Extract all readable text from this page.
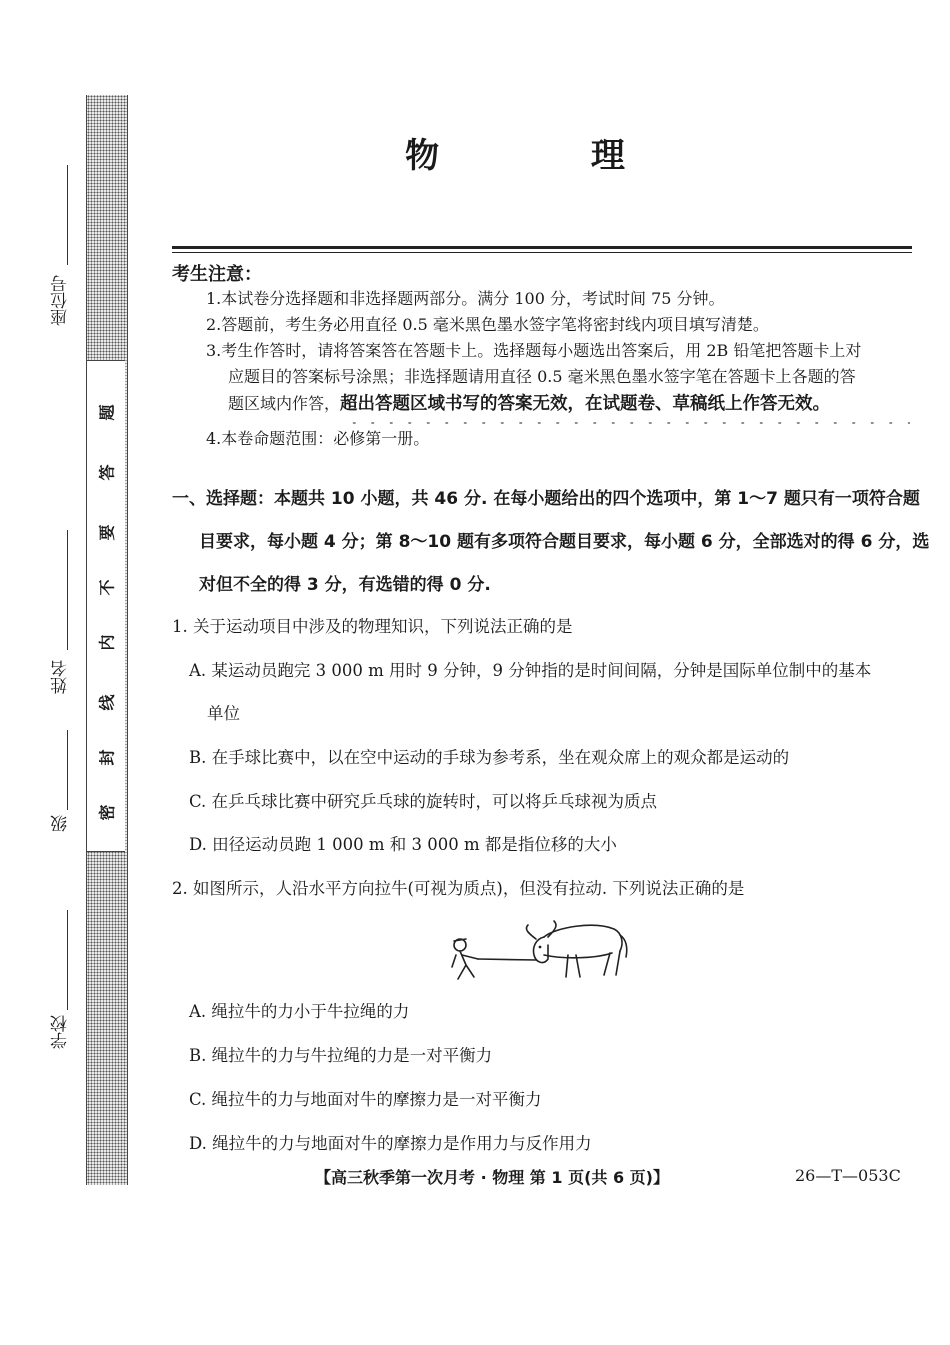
座位号
姓名
级
学校
题
答
要
不
内
线
封
密
物 理
考生注意：
1.本试卷分选择题和非选择题两部分。满分 100 分，考试时间 75 分钟。
2.答题前，考生务必用直径 0.5 毫米黑色墨水签字笔将密封线内项目填写清楚。
3.考生作答时，请将答案答在答题卡上。选择题每小题选出答案后，用 2B 铅笔把答题卡上对
应题目的答案标号涂黑；非选择题请用直径 0.5 毫米黑色墨水签字笔在答题卡上各题的答
题区域内作答，超出答题区域书写的答案无效，在试题卷、草稿纸上作答无效。
4.本卷命题范围：必修第一册。
一、选择题：本题共 10 小题，共 46 分. 在每小题给出的四个选项中，第 1～7 题只有一项符合题
目要求，每小题 4 分；第 8～10 题有多项符合题目要求，每小题 6 分，全部选对的得 6 分，选
对但不全的得 3 分，有选错的得 0 分.
1. 关于运动项目中涉及的物理知识，下列说法正确的是
A. 某运动员跑完 3 000 m 用时 9 分钟，9 分钟指的是时间间隔，分钟是国际单位制中的基本
单位
B. 在手球比赛中，以在空中运动的手球为参考系，坐在观众席上的观众都是运动的
C. 在乒乓球比赛中研究乒乓球的旋转时，可以将乒乓球视为质点
D. 田径运动员跑 1 000 m 和 3 000 m 都是指位移的大小
2. 如图所示，人沿水平方向拉牛(可视为质点)，但没有拉动. 下列说法正确的是
A. 绳拉牛的力小于牛拉绳的力
B. 绳拉牛的力与牛拉绳的力是一对平衡力
C. 绳拉牛的力与地面对牛的摩擦力是一对平衡力
D. 绳拉牛的力与地面对牛的摩擦力是作用力与反作用力
【高三秋季第一次月考 · 物理 第 1 页(共 6 页)】	26—T—053C
